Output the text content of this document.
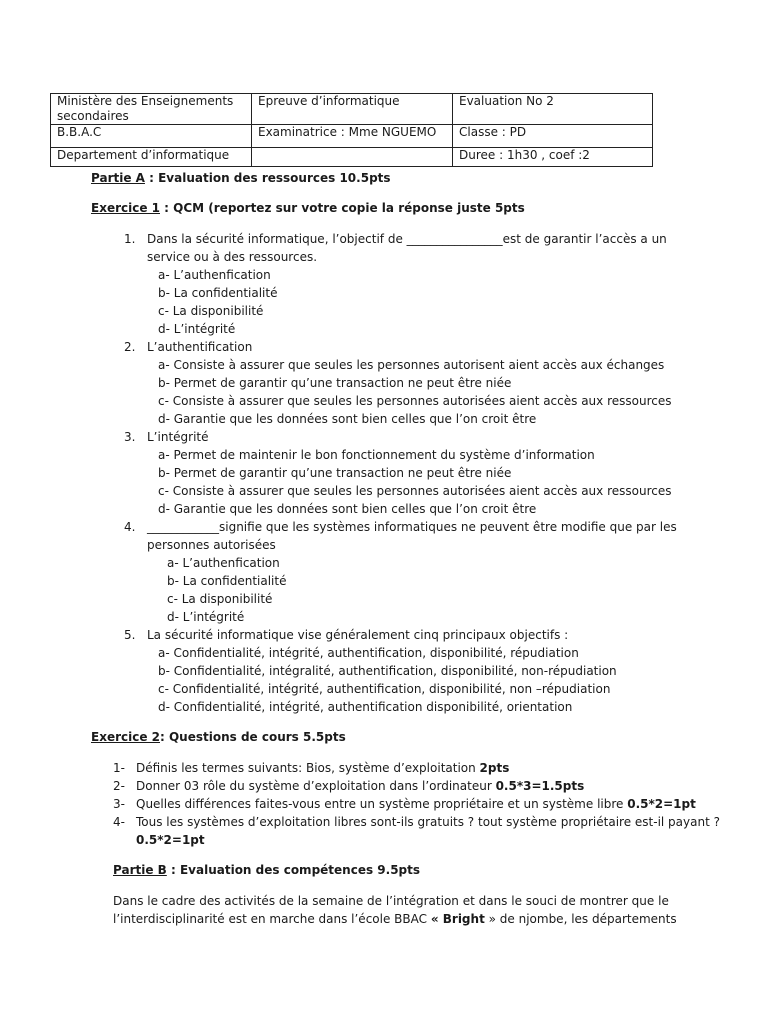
Ministère des Enseignements secondaires	Epreuve d’informatique	Evaluation No 2
B.B.A.C	Examinatrice : Mme NGUEMO	Classe : PD
Departement d’informatique		Duree : 1h30 , coef :2
Partie A : Evaluation des ressources 10.5pts
Exercice 1 : QCM (reportez sur votre copie la réponse juste 5pts
1. Dans la sécurité informatique, l’objectif de ________________est de garantir l’accès a un
service ou à des ressources.
a- L’authenfication
b- La confidentialité
c- La disponibilité
d- L’intégrité
2. L’authentification
a- Consiste à assurer que seules les personnes autorisent aient accès aux échanges
b- Permet de garantir qu’une transaction ne peut être niée
c- Consiste à assurer que seules les personnes autorisées aient accès aux ressources
d- Garantie que les données sont bien celles que l’on croit être
3. L’intégrité
a- Permet de maintenir le bon fonctionnement du système d’information
b- Permet de garantir qu’une transaction ne peut être niée
c- Consiste à assurer que seules les personnes autorisées aient accès aux ressources
d- Garantie que les données sont bien celles que l’on croit être
4. ____________signifie que les systèmes informatiques ne peuvent être modifie que par les
personnes autorisées
a- L’authenfication
b- La confidentialité
c- La disponibilité
d- L’intégrité
5. La sécurité informatique vise généralement cinq principaux objectifs :
a- Confidentialité, intégrité, authentification, disponibilité, répudiation
b- Confidentialité, intégralité, authentification, disponibilité, non-répudiation
c- Confidentialité, intégrité, authentification, disponibilité, non –répudiation
d- Confidentialité, intégrité, authentification disponibilité, orientation
Exercice 2: Questions de cours 5.5pts
1- Définis les termes suivants: Bios, système d’exploitation 2pts
2- Donner 03 rôle du système d’exploitation dans l’ordinateur 0.5*3=1.5pts
3- Quelles différences faites-vous entre un système propriétaire et un système libre 0.5*2=1pt
4- Tous les systèmes d’exploitation libres sont-ils gratuits ? tout système propriétaire est-il payant ?
0.5*2=1pt
Partie B : Evaluation des compétences 9.5pts
Dans le cadre des activités de la semaine de l’intégration et dans le souci de montrer que le
l’interdisciplinarité est en marche dans l’école BBAC « Bright » de njombe, les départements
